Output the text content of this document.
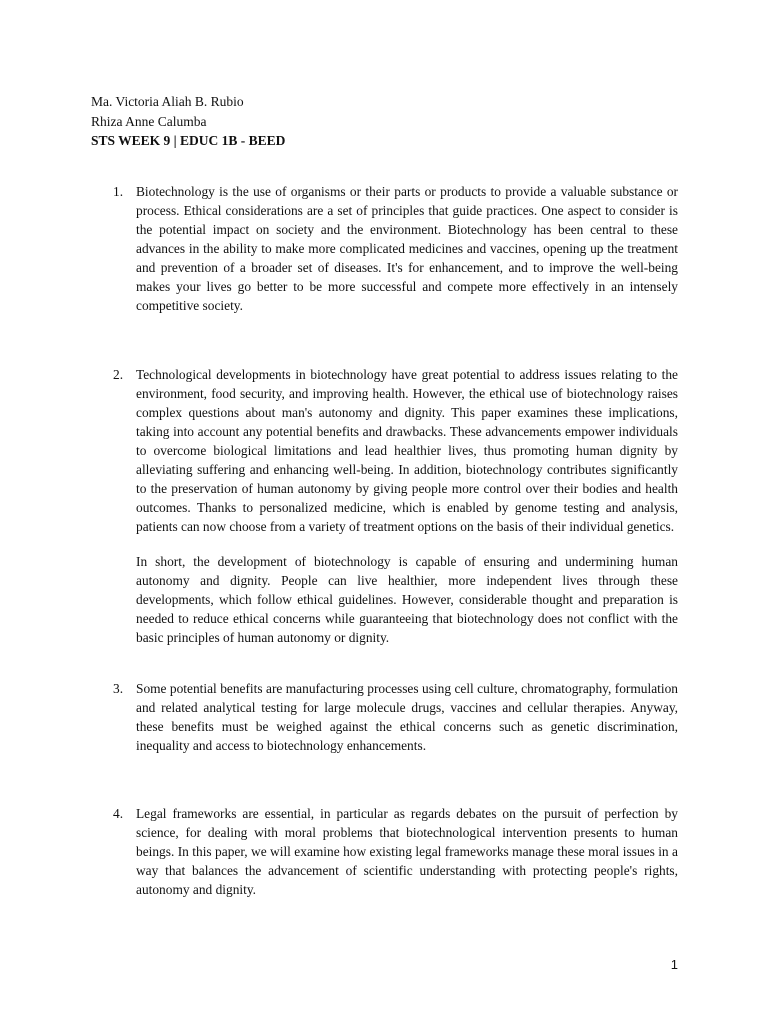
Ma. Victoria Aliah B. Rubio
Rhiza Anne Calumba
STS WEEK 9 | EDUC 1B - BEED
1. Biotechnology is the use of organisms or their parts or products to provide a valuable substance or process. Ethical considerations are a set of principles that guide practices. One aspect to consider is the potential impact on society and the environment. Biotechnology has been central to these advances in the ability to make more complicated medicines and vaccines, opening up the treatment and prevention of a broader set of diseases. It's for enhancement, and to improve the well-being makes your lives go better to be more successful and compete more effectively in an intensely competitive society.
2. Technological developments in biotechnology have great potential to address issues relating to the environment, food security, and improving health. However, the ethical use of biotechnology raises complex questions about man's autonomy and dignity. This paper examines these implications, taking into account any potential benefits and drawbacks. These advancements empower individuals to overcome biological limitations and lead healthier lives, thus promoting human dignity by alleviating suffering and enhancing well-being. In addition, biotechnology contributes significantly to the preservation of human autonomy by giving people more control over their bodies and health outcomes. Thanks to personalized medicine, which is enabled by genome testing and analysis, patients can now choose from a variety of treatment options on the basis of their individual genetics.
In short, the development of biotechnology is capable of ensuring and undermining human autonomy and dignity. People can live healthier, more independent lives through these developments, which follow ethical guidelines. However, considerable thought and preparation is needed to reduce ethical concerns while guaranteeing that biotechnology does not conflict with the basic principles of human autonomy or dignity.
3. Some potential benefits are manufacturing processes using cell culture, chromatography, formulation and related analytical testing for large molecule drugs, vaccines and cellular therapies. Anyway, these benefits must be weighed against the ethical concerns such as genetic discrimination, inequality and access to biotechnology enhancements.
4. Legal frameworks are essential, in particular as regards debates on the pursuit of perfection by science, for dealing with moral problems that biotechnological intervention presents to human beings. In this paper, we will examine how existing legal frameworks manage these moral issues in a way that balances the advancement of scientific understanding with protecting people's rights, autonomy and dignity.
1
